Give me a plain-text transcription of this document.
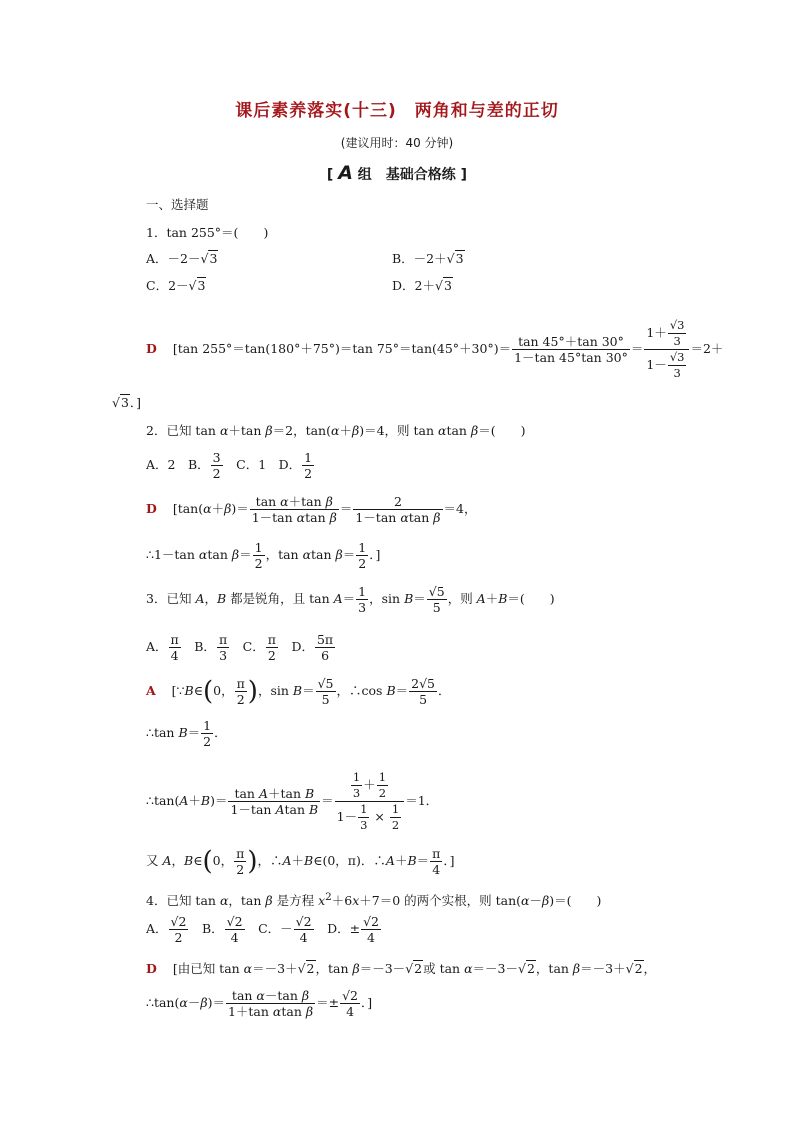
课后素养落实(十三)　两角和与差的正切
(建议用时：40 分钟)
[ A 组　基础合格练 ]
一、选择题
1．tan 255°＝(　　)
A．－2－√3	B．－2＋√3
C．2－√3	D．2＋√3
D [tan 255°＝tan(180°＋75°)＝tan $75^\circ=\tan(45^\circ+30^\circ)= \frac{\tan 45^\circ+\tan 30^\circ}{1-\tan 45^\circ\tan 30^\circ} = \frac{1+ \frac{√3}{3}}{1- \frac{√3}{3}} =2+$
√3．]
2．已知 tan α＋tan β＝2，tan(α＋β)＝4，则 tan αtan β＝(　　)
A．2　B． $\frac{3}{2}$ 　C．1　D． $\frac{1}{2}$
D [$\tan(\alpha+\beta)= \frac{\text{tan α＋tan β}}{\text{1－tan αtan β}} = \frac{2}{\text{1－tan αtan β}} =4$，
∴1－tan αtan $\beta= \frac{1}{2}$ ，tan αtan $\beta= \frac{1}{2}$ ．]
3．已知 A，B 都是锐角，且 $\tan A= \frac{1}{3}$ ，$\sin B= \frac{√5}{5}$ ，则 A＋B＝(　　)
A． $\frac{\pi}{4}$ 　B． $\frac{\pi}{3}$ 　C． $\frac{\pi}{2}$ 　D． $\frac{5\pi}{6}$
A [∵B∈(0， $\frac{\pi}{2}$ )，$\sin B= \frac{√5}{5}$ ，∴cos $B= \frac{2√5}{5}$ ．
∴tan $B= \frac{1}{2}$ ．
∴tan(A＋B)＝ $\frac{\text{tan A＋tan B}}{\text{1－tan Atan B}} = \frac{\frac{1}{3} + \frac{1}{2}}{1- \frac{1}{3} \times \frac{1}{2}} =1$．
又 A，B∈(0， $\frac{\pi}{2}$ )，∴A＋B∈(0，π)．∴A＋B＝ $\frac{\pi}{4}$ ．]
4．已知 tan α，tan β 是方程 $x^2+6x+7=0$ 的两个实根，则 tan(α－β)＝(　　)
A． $\frac{√2}{2}$ 　B． $\frac{√2}{4}$ 　C．－ $\frac{√2}{4}$ 　D．± $\frac{√2}{4}$
D [由已知 tan α＝－3＋√2，tan β＝－3－√2或 tan α＝－3－√2，tan β＝－3＋√2，
∴tan(α－β)＝ $\frac{\text{tan α－tan β}}{\text{1＋tan αtan β}} =\pm \frac{√2}{4}$ ．]
